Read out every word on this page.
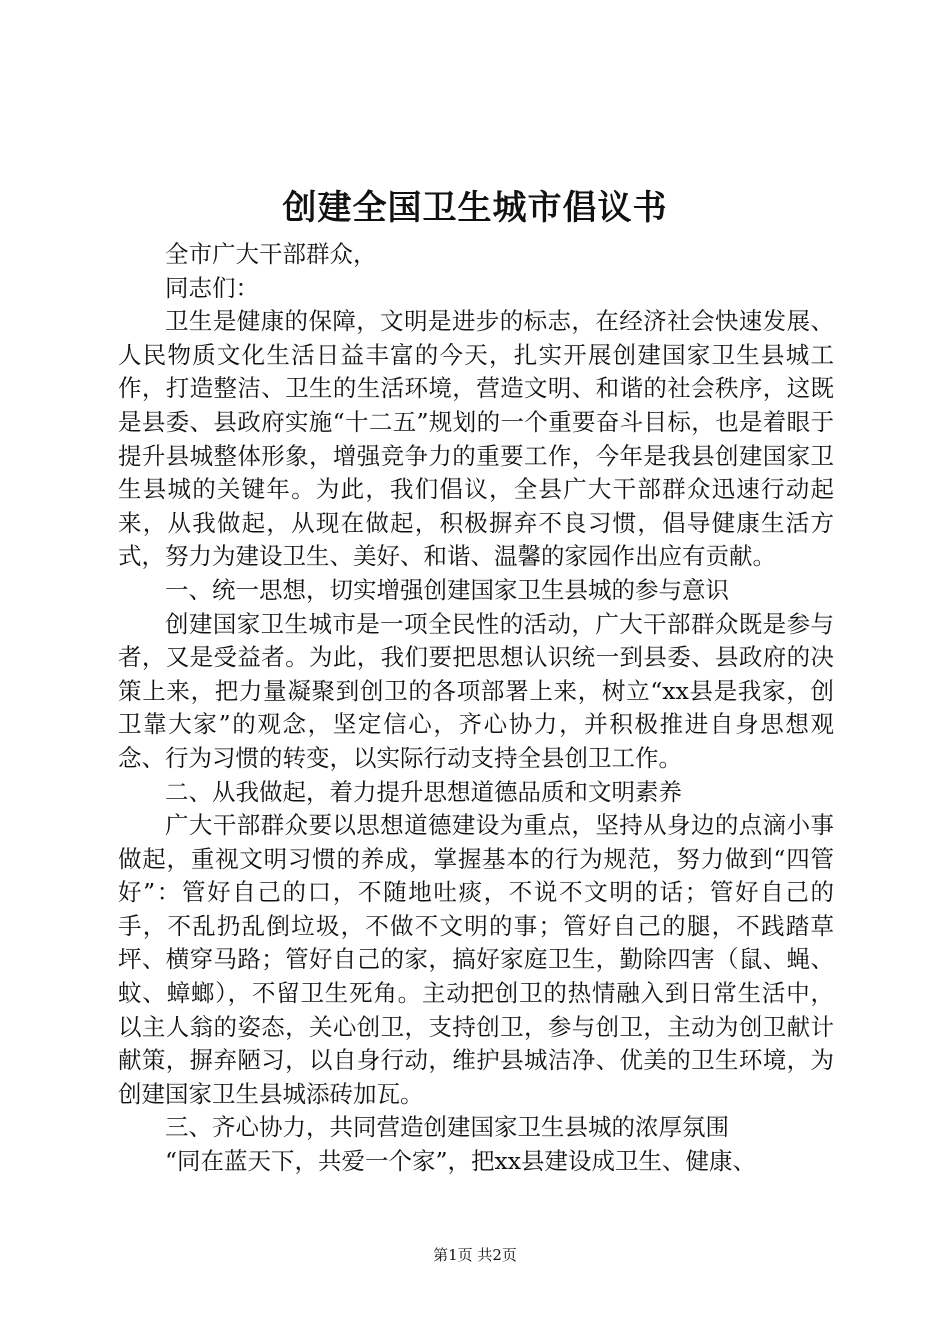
创建全国卫生城市倡议书

全市广大干部群众，

同志们：

卫生是健康的保障，文明是进步的标志，在经济社会快速发展、人民物质文化生活日益丰富的今天，扎实开展创建国家卫生县城工作，打造整洁、卫生的生活环境，营造文明、和谐的社会秩序，这既是县委、县政府实施“十二五”规划的一个重要奋斗目标，也是着眼于提升县城整体形象，增强竞争力的重要工作，今年是我县创建国家卫生县城的关键年。为此，我们倡议，全县广大干部群众迅速行动起来，从我做起，从现在做起，积极摒弃不良习惯，倡导健康生活方式，努力为建设卫生、美好、和谐、温馨的家园作出应有贡献。

一、统一思想，切实增强创建国家卫生县城的参与意识

创建国家卫生城市是一项全民性的活动，广大干部群众既是参与者，又是受益者。为此，我们要把思想认识统一到县委、县政府的决策上来，把力量凝聚到创卫的各项部署上来，树立“xx县是我家，创卫靠大家”的观念，坚定信心，齐心协力，并积极推进自身思想观念、行为习惯的转变，以实际行动支持全县创卫工作。

二、从我做起，着力提升思想道德品质和文明素养

广大干部群众要以思想道德建设为重点，坚持从身边的点滴小事做起，重视文明习惯的养成，掌握基本的行为规范，努力做到“四管好”：管好自己的口，不随地吐痰，不说不文明的话；管好自己的手，不乱扔乱倒垃圾，不做不文明的事；管好自己的腿，不践踏草坪、横穿马路；管好自己的家，搞好家庭卫生，勤除四害（鼠、蝇、蚊、蟑螂），不留卫生死角。主动把创卫的热情融入到日常生活中，以主人翁的姿态，关心创卫，支持创卫，参与创卫，主动为创卫献计献策，摒弃陋习，以自身行动，维护县城洁净、优美的卫生环境，为创建国家卫生县城添砖加瓦。

三、齐心协力，共同营造创建国家卫生县城的浓厚氛围

“同在蓝天下，共爱一个家”，把xx县建设成卫生、健康、

第1页 共2页
